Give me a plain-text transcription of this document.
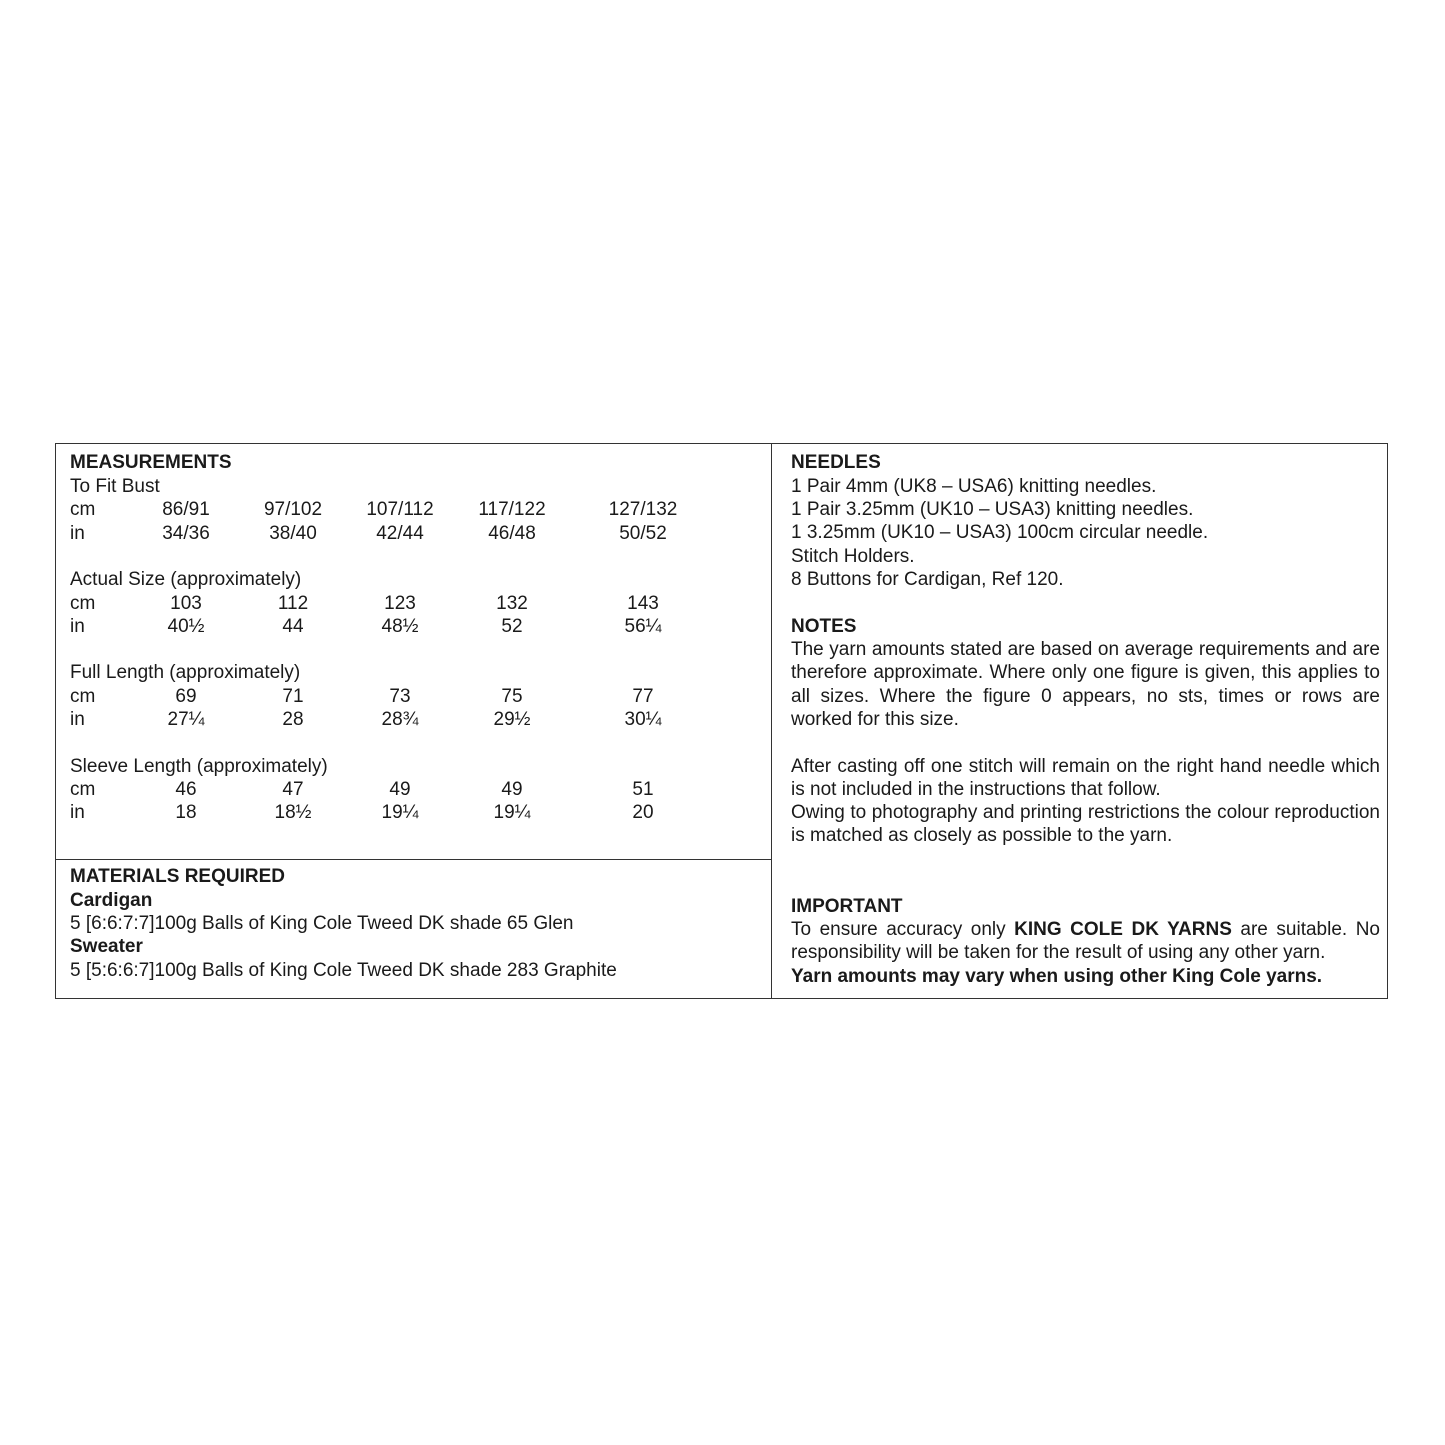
MEASUREMENTS
To Fit Bust
cm	86/91	97/102	107/112	117/122	127/132
in	34/36	38/40	42/44	46/48	50/52
Actual Size (approximately)
cm	103	112	123	132	143
in	40½	44	48½	52	56¼
Full Length (approximately)
cm	69	71	73	75	77
in	27¼	28	28¾	29½	30¼
Sleeve Length (approximately)
cm	46	47	49	49	51
in	18	18½	19¼	19¼	20
MATERIALS REQUIRED
Cardigan
5 [6:6:7:7]100g Balls of King Cole Tweed DK shade 65 Glen
Sweater
5 [5:6:6:7]100g Balls of King Cole Tweed DK shade 283 Graphite
NEEDLES
1 Pair 4mm (UK8 – USA6) knitting needles.
1 Pair 3.25mm (UK10 – USA3) knitting needles.
1 3.25mm (UK10 – USA3) 100cm circular needle.
Stitch Holders.
8 Buttons for Cardigan, Ref 120.
NOTES
The yarn amounts stated are based on average requirements and are therefore approximate. Where only one figure is given, this applies to all sizes. Where the figure 0 appears, no sts, times or rows are worked for this size.
After casting off one stitch will remain on the right hand needle which is not included in the instructions that follow.
Owing to photography and printing restrictions the colour reproduction is matched as closely as possible to the yarn.
IMPORTANT
To ensure accuracy only KING COLE DK YARNS are suitable. No responsibility will be taken for the result of using any other yarn.
Yarn amounts may vary when using other King Cole yarns.
